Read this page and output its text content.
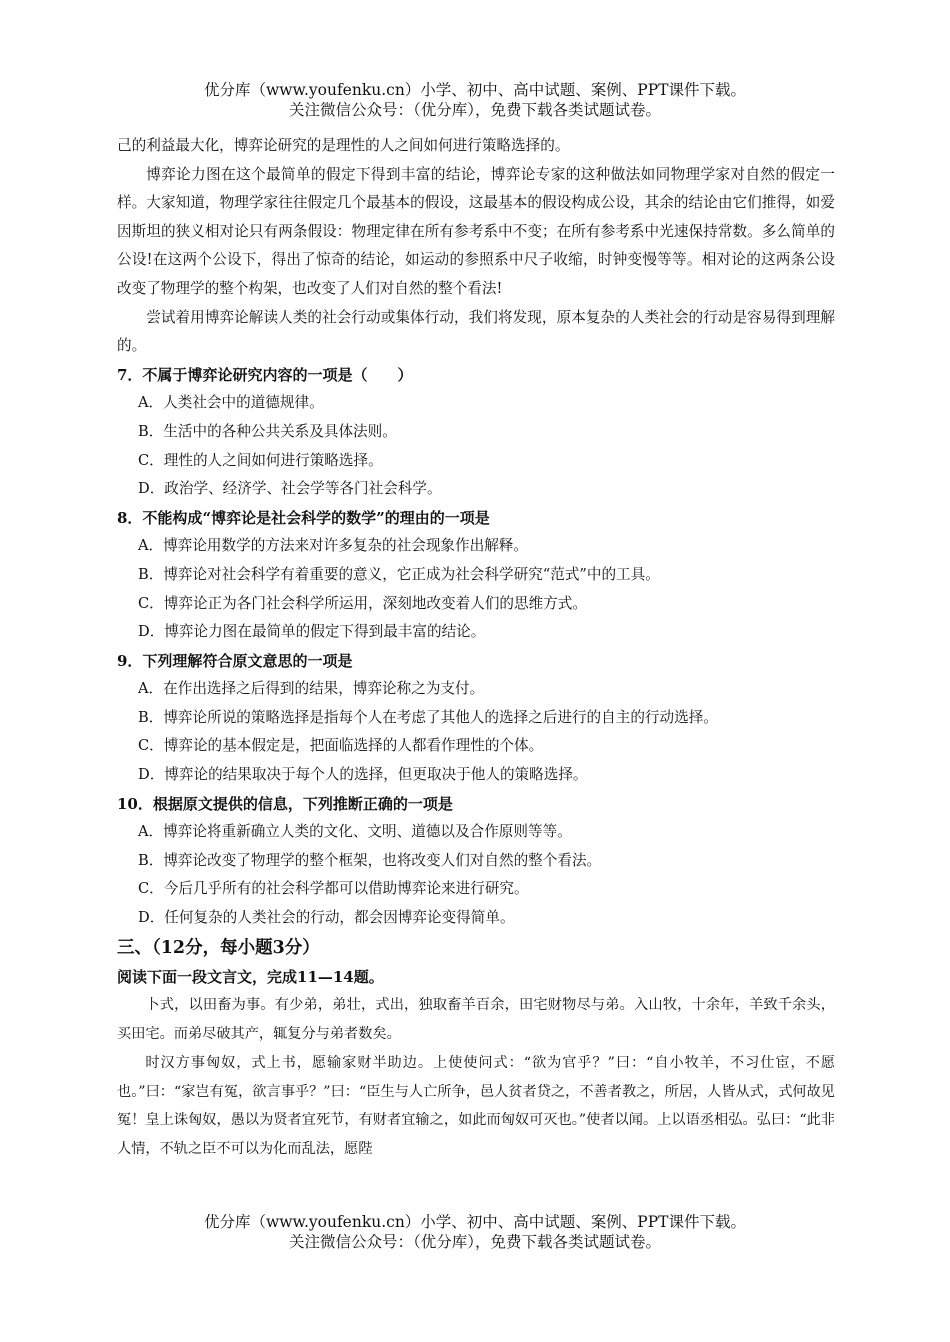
优分库（www.youfenku.cn）小学、初中、高中试题、案例、PPT课件下载。
关注微信公众号：（优分库），免费下载各类试题试卷。

己的利益最大化，博弈论研究的是理性的人之间如何进行策略选择的。

博弈论力图在这个最简单的假定下得到丰富的结论，博弈论专家的这种做法如同物理学家对自然的假定一样。大家知道，物理学家往往假定几个最基本的假设，这最基本的假设构成公设，其余的结论由它们推得，如爱因斯坦的狭义相对论只有两条假设：物理定律在所有参考系中不变；在所有参考系中光速保持常数。多么简单的公设!在这两个公设下，得出了惊奇的结论，如运动的参照系中尺子收缩，时钟变慢等等。相对论的这两条公设改变了物理学的整个构架，也改变了人们对自然的整个看法!

尝试着用博弈论解读人类的社会行动或集体行动，我们将发现，原本复杂的人类社会的行动是容易得到理解的。

7．不属于博弈论研究内容的一项是（　　）

A．人类社会中的道德规律。

B．生活中的各种公共关系及具体法则。

C．理性的人之间如何进行策略选择。

D．政治学、经济学、社会学等各门社会科学。

8．不能构成“博弈论是社会科学的数学”的理由的一项是

A．博弈论用数学的方法来对许多复杂的社会现象作出解释。

B．博弈论对社会科学有着重要的意义，它正成为社会科学研究“范式”中的工具。

C．博弈论正为各门社会科学所运用，深刻地改变着人们的思维方式。

D．博弈论力图在最简单的假定下得到最丰富的结论。

9．下列理解符合原文意思的一项是

A．在作出选择之后得到的结果，博弈论称之为支付。

B．博弈论所说的策略选择是指每个人在考虑了其他人的选择之后进行的自主的行动选择。

C．博弈论的基本假定是，把面临选择的人都看作理性的个体。

D．博弈论的结果取决于每个人的选择，但更取决于他人的策略选择。

10．根据原文提供的信息，下列推断正确的一项是

A．博弈论将重新确立人类的文化、文明、道德以及合作原则等等。

B．博弈论改变了物理学的整个框架，也将改变人们对自然的整个看法。

C．今后几乎所有的社会科学都可以借助博弈论来进行研究。

D．任何复杂的人类社会的行动，都会因博弈论变得简单。

三、（12分，每小题3分）

阅读下面一段文言文，完成11—14题。

卜式，以田畜为事。有少弟，弟壮，式出，独取畜羊百余，田宅财物尽与弟。入山牧，十余年，羊致千余头，买田宅。而弟尽破其产，辄复分与弟者数矣。

时汉方事匈奴，式上书，愿输家财半助边。上使使问式：“欲为官乎？”曰：“自小牧羊，不习仕宦，不愿也。”曰：“家岂有冤，欲言事乎？”曰：“臣生与人亡所争，邑人贫者贷之，不善者教之，所居，人皆从式，式何故见冤！皇上诛匈奴，愚以为贤者宜死节，有财者宜输之，如此而匈奴可灭也。”使者以闻。上以语丞相弘。弘曰：“此非人情，不轨之臣不可以为化而乱法，愿陛

优分库（www.youfenku.cn）小学、初中、高中试题、案例、PPT课件下载。
关注微信公众号：（优分库），免费下载各类试题试卷。
